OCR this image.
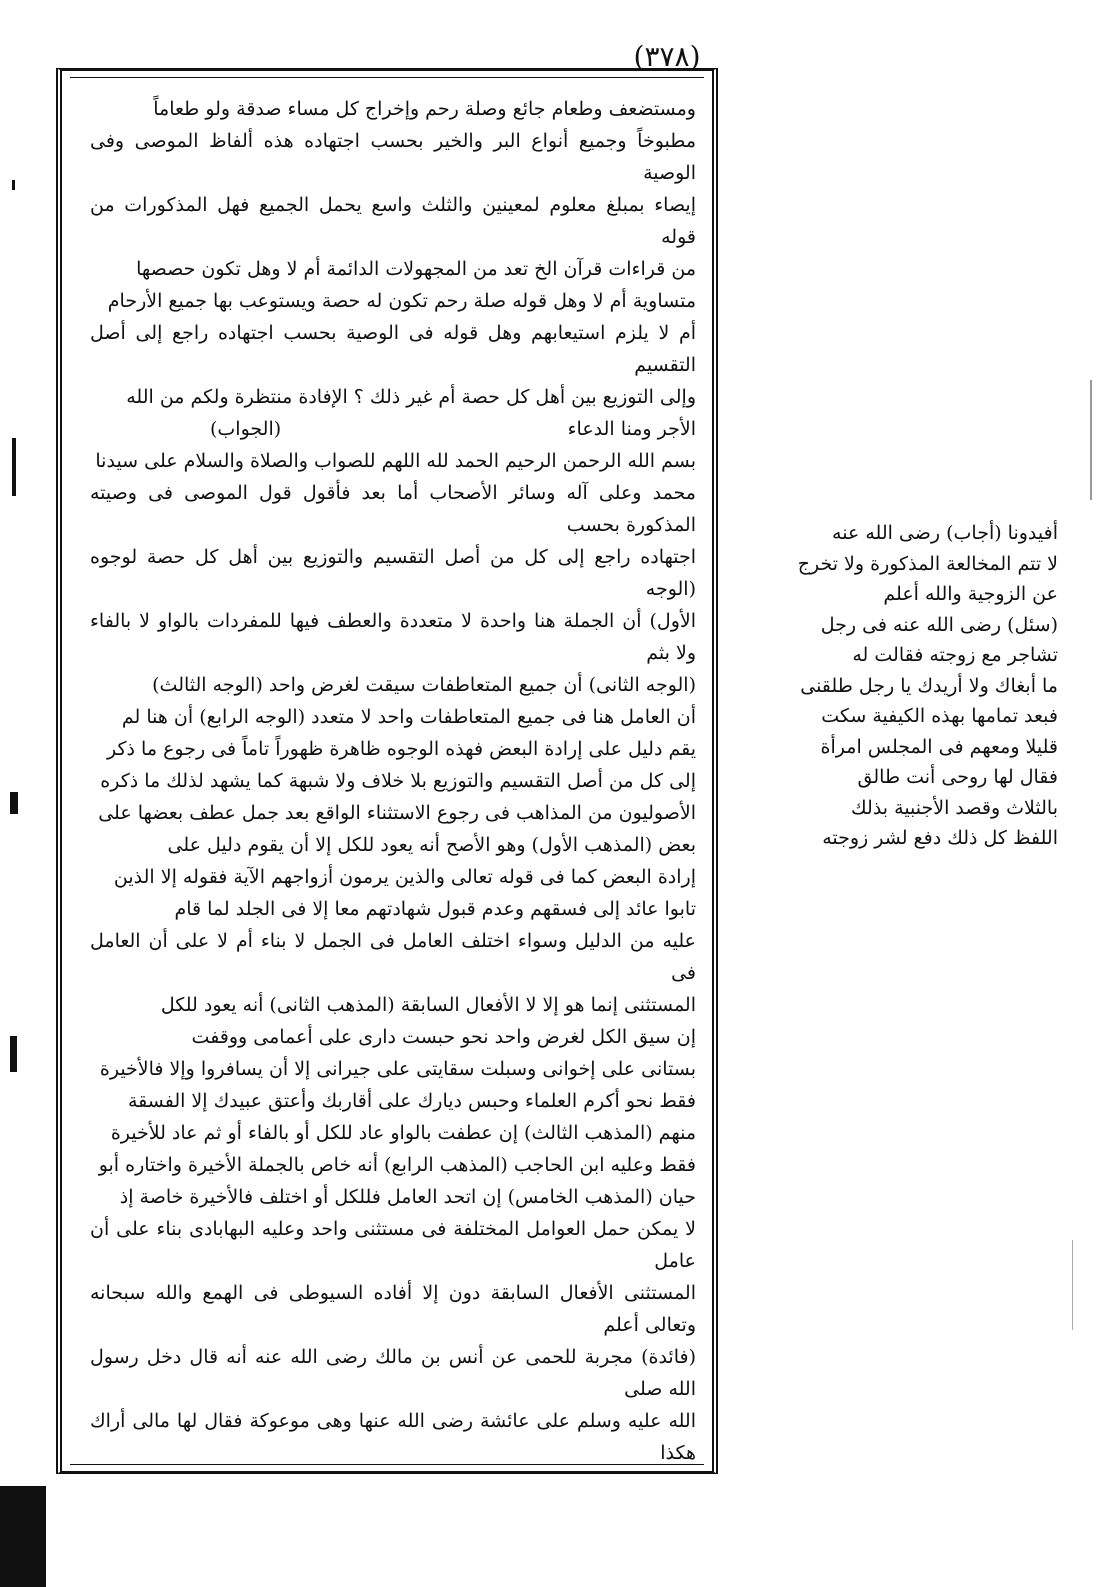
(٣٧٨)

ومستضعف وطعام جائع وصلة رحم وإخراج كل مساء صدقة ولو طعاماً

مطبوخاً وجميع أنواع البر والخير بحسب اجتهاده هذه ألفاظ الموصى وفى الوصية

إيصاء بمبلغ معلوم لمعينين والثلث واسع يحمل الجميع فهل المذكورات من قوله

من قراءات قرآن الخ تعد من المجهولات الدائمة أم لا وهل تكون حصصها

متساوية أم لا وهل قوله صلة رحم تكون له حصة ويستوعب بها جميع الأرحام

أم لا يلزم استيعابهم وهل قوله فى الوصية بحسب اجتهاده راجع إلى أصل التقسيم

وإلى التوزيع بين أهل كل حصة أم غير ذلك ؟ الإفادة منتظرة ولكم من الله

الأجر ومنا الدعاء
(الجواب)

بسم الله الرحمن الرحيم الحمد لله اللهم للصواب والصلاة والسلام على سيدنا

محمد وعلى آله وسائر الأصحاب أما بعد فأقول قول الموصى فى وصيته المذكورة بحسب

اجتهاده راجع إلى كل من أصل التقسيم والتوزيع بين أهل كل حصة لوجوه (الوجه

الأول) أن الجملة هنا واحدة لا متعددة والعطف فيها للمفردات بالواو لا بالفاء ولا بثم

(الوجه الثانى) أن جميع المتعاطفات سيقت لغرض واحد (الوجه الثالث)

أن العامل هنا فى جميع المتعاطفات واحد لا متعدد (الوجه الرابع) أن هنا لم

يقم دليل على إرادة البعض فهذه الوجوه ظاهرة ظهوراً تاماً فى رجوع ما ذكر

إلى كل من أصل التقسيم والتوزيع بلا خلاف ولا شبهة كما يشهد لذلك ما ذكره

الأصوليون من المذاهب فى رجوع الاستثناء الواقع بعد جمل عطف بعضها على

بعض (المذهب الأول) وهو الأصح أنه يعود للكل إلا أن يقوم دليل على

إرادة البعض كما فى قوله تعالى والذين يرمون أزواجهم الآية فقوله إلا الذين

تابوا عائد إلى فسقهم وعدم قبول شهادتهم معا إلا فى الجلد لما قام

عليه من الدليل وسواء اختلف العامل فى الجمل لا بناء أم لا على أن العامل فى

المستثنى إنما هو إلا لا الأفعال السابقة (المذهب الثانى) أنه يعود للكل

إن سيق الكل لغرض واحد نحو حبست دارى على أعمامى ووقفت

بستانى على إخوانى وسبلت سقايتى على جيرانى إلا أن يسافروا وإلا فالأخيرة

فقط نحو أكرم العلماء وحبس ديارك على أقاربك وأعتق عبيدك إلا الفسقة

منهم (المذهب الثالث) إن عطفت بالواو عاد للكل أو بالفاء أو ثم عاد للأخيرة

فقط وعليه ابن الحاجب (المذهب الرابع) أنه خاص بالجملة الأخيرة واختاره أبو

حيان (المذهب الخامس) إن اتحد العامل فللكل أو اختلف فالأخيرة خاصة إذ

لا يمكن حمل العوامل المختلفة فى مستثنى واحد وعليه البهابادى بناء على أن عامل

المستثنى الأفعال السابقة دون إلا أفاده السيوطى فى الهمع والله سبحانه وتعالى أعلم

(فائدة) مجربة للحمى عن أنس بن مالك رضى الله عنه أنه قال دخل رسول الله صلى

الله عليه وسلم على عائشة رضى الله عنها وهى موعوكة فقال لها مالى أراك هكذا

أفيدونا (أجاب) رضى الله عنه
لا تتم المخالعة المذكورة ولا تخرج
عن الزوجية والله أعلم
(سئل) رضى الله عنه فى رجل
تشاجر مع زوجته فقالت له
ما أبغاك ولا أريدك يا رجل طلقنى
فبعد تمامها بهذه الكيفية سكت
قليلا ومعهم فى المجلس امرأة
فقال لها روحى أنت طالق
بالثلاث وقصد الأجنبية بذلك
اللفظ كل ذلك دفع لشر زوجته
